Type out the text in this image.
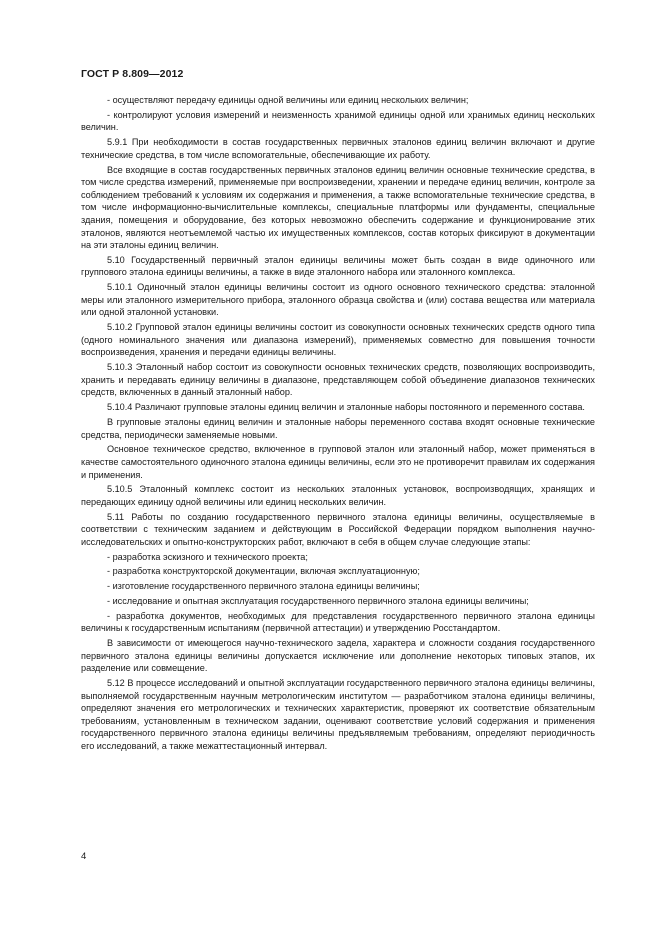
ГОСТ Р 8.809—2012

- осуществляют передачу единицы одной величины или единиц нескольких величин;

- контролируют условия измерений и неизменность хранимой единицы одной или хранимых единиц нескольких величин.

5.9.1 При необходимости в состав государственных первичных эталонов единиц величин включают и другие технические средства, в том числе вспомогательные, обеспечивающие их работу.

Все входящие в состав государственных первичных эталонов единиц величин основные технические средства, в том числе средства измерений, применяемые при воспроизведении, хранении и передаче единиц величин, контроле за соблюдением требований к условиям их содержания и применения, а также вспомогательные технические средства, в том числе информационно-вычислительные комплексы, специальные платформы или фундаменты, специальные здания, помещения и оборудование, без которых невозможно обеспечить содержание и функционирование этих эталонов, являются неотъемлемой частью их имущественных комплексов, состав которых фиксируют в документации на эти эталоны единиц величин.

5.10 Государственный первичный эталон единицы величины может быть создан в виде одиночного или группового эталона единицы величины, а также в виде эталонного набора или эталонного комплекса.

5.10.1 Одиночный эталон единицы величины состоит из одного основного технического средства: эталонной меры или эталонного измерительного прибора, эталонного образца свойства и (или) состава вещества или материала или одной эталонной установки.

5.10.2 Групповой эталон единицы величины состоит из совокупности основных технических средств одного типа (одного номинального значения или диапазона измерений), применяемых совместно для повышения точности воспроизведения, хранения и передачи единицы величины.

5.10.3 Эталонный набор состоит из совокупности основных технических средств, позволяющих воспроизводить, хранить и передавать единицу величины в диапазоне, представляющем собой объединение диапазонов технических средств, включенных в данный эталонный набор.

5.10.4 Различают групповые эталоны единиц величин и эталонные наборы постоянного и переменного состава.

В групповые эталоны единиц величин и эталонные наборы переменного состава входят основные технические средства, периодически заменяемые новыми.

Основное техническое средство, включенное в групповой эталон или эталонный набор, может применяться в качестве самостоятельного одиночного эталона единицы величины, если это не противоречит правилам их содержания и применения.

5.10.5 Эталонный комплекс состоит из нескольких эталонных установок, воспроизводящих, хранящих и передающих единицу одной величины или единиц нескольких величин.

5.11 Работы по созданию государственного первичного эталона единицы величины, осуществляемые в соответствии с техническим заданием и действующим в Российской Федерации порядком выполнения научно-исследовательских и опытно-конструкторских работ, включают в себя в общем случае следующие этапы:

- разработка эскизного и технического проекта;

- разработка конструкторской документации, включая эксплуатационную;

- изготовление государственного первичного эталона единицы величины;

- исследование и опытная эксплуатация государственного первичного эталона единицы величины;

- разработка документов, необходимых для представления государственного первичного эталона единицы величины к государственным испытаниям (первичной аттестации) и утверждению Росстандартом.

В зависимости от имеющегося научно-технического задела, характера и сложности создания государственного первичного эталона единицы величины допускается исключение или дополнение некоторых типовых этапов, их разделение или совмещение.

5.12 В процессе исследований и опытной эксплуатации государственного первичного эталона единицы величины, выполняемой государственным научным метрологическим институтом — разработчиком эталона единицы величины, определяют значения его метрологических и технических характеристик, проверяют их соответствие обязательным требованиям, установленным в техническом задании, оценивают соответствие условий содержания и применения государственного первичного эталона единицы величины предъявляемым требованиям, определяют периодичность его исследований, а также межаттестационный интервал.

4
